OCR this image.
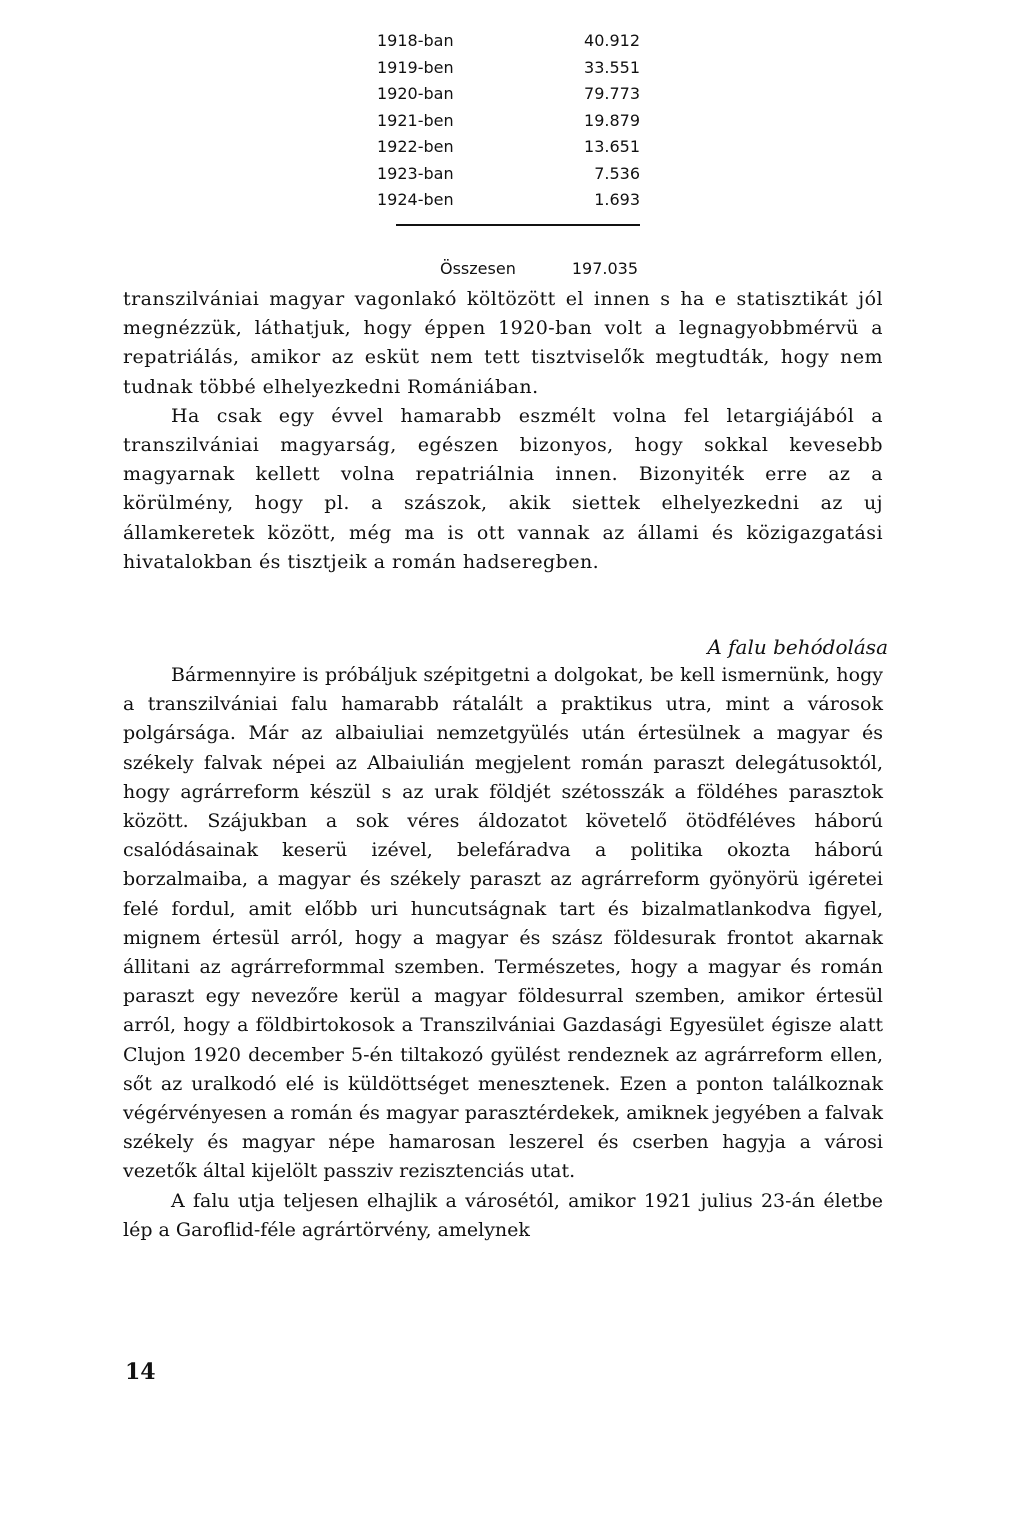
1918-ban	40.912
1919-ben	33.551
1920-ban	79.773
1921-ben	19.879
1922-ben	13.651
1923-ban	7.536
1924-ben	1.693
Összesen	197.035

transzilvániai magyar vagonlakó költözött el innen s ha e statisztikát jól megnézzük, láthatjuk, hogy éppen 1920-ban volt a legnagyobbmérvü a repatriálás, amikor az esküt nem tett tisztviselők megtudták, hogy nem tudnak többé elhelyezkedni Romániában.

Ha csak egy évvel hamarabb eszmélt volna fel letargiájából a transzilvániai magyarság, egészen bizonyos, hogy sokkal kevesebb magyarnak kellett volna repatriálnia innen. Bizonyiték erre az a körülmény, hogy pl. a szászok, akik siettek elhelyezkedni az uj államkeretek között, még ma is ott vannak az állami és közigazgatási hivatalokban és tisztjeik a román hadseregben.

A falu behódolása

Bármennyire is próbáljuk szépitgetni a dolgokat, be kell ismernünk, hogy a transzilvániai falu hamarabb rátalált a praktikus utra, mint a városok polgársága. Már az albaiuliai nemzetgyülés után értesülnek a magyar és székely falvak népei az Albaiulián megjelent román paraszt delegátusoktól, hogy agrárreform készül s az urak földjét szétosszák a földéhes parasztok között. Szájukban a sok véres áldozatot követelő ötödféléves háború csalódásainak keserü izével, belefáradva a politika okozta háború borzalmaiba, a magyar és székely paraszt az agrárreform gyönyörü igéretei felé fordul, amit előbb uri huncutságnak tart és bizalmatlankodva figyel, mignem értesül arról, hogy a magyar és szász földesurak frontot akarnak állitani az agrárreformmal szemben. Természetes, hogy a magyar és román paraszt egy nevezőre kerül a magyar földesurral szemben, amikor értesül arról, hogy a földbirtokosok a Transzilvániai Gazdasági Egyesület égisze alatt Clujon 1920 december 5-én tiltakozó gyülést rendeznek az agrárreform ellen, sőt az uralkodó elé is küldöttséget menesztenek. Ezen a ponton találkoznak végérvényesen a román és magyar parasztérdekek, amiknek jegyében a falvak székely és magyar népe hamarosan leszerel és cserben hagyja a városi vezetők által kijelölt passziv rezisztenciás utat.

A falu utja teljesen elhajlik a városétól, amikor 1921 julius 23-án életbe lép a Garoflid-féle agrártörvény, amelynek

14
